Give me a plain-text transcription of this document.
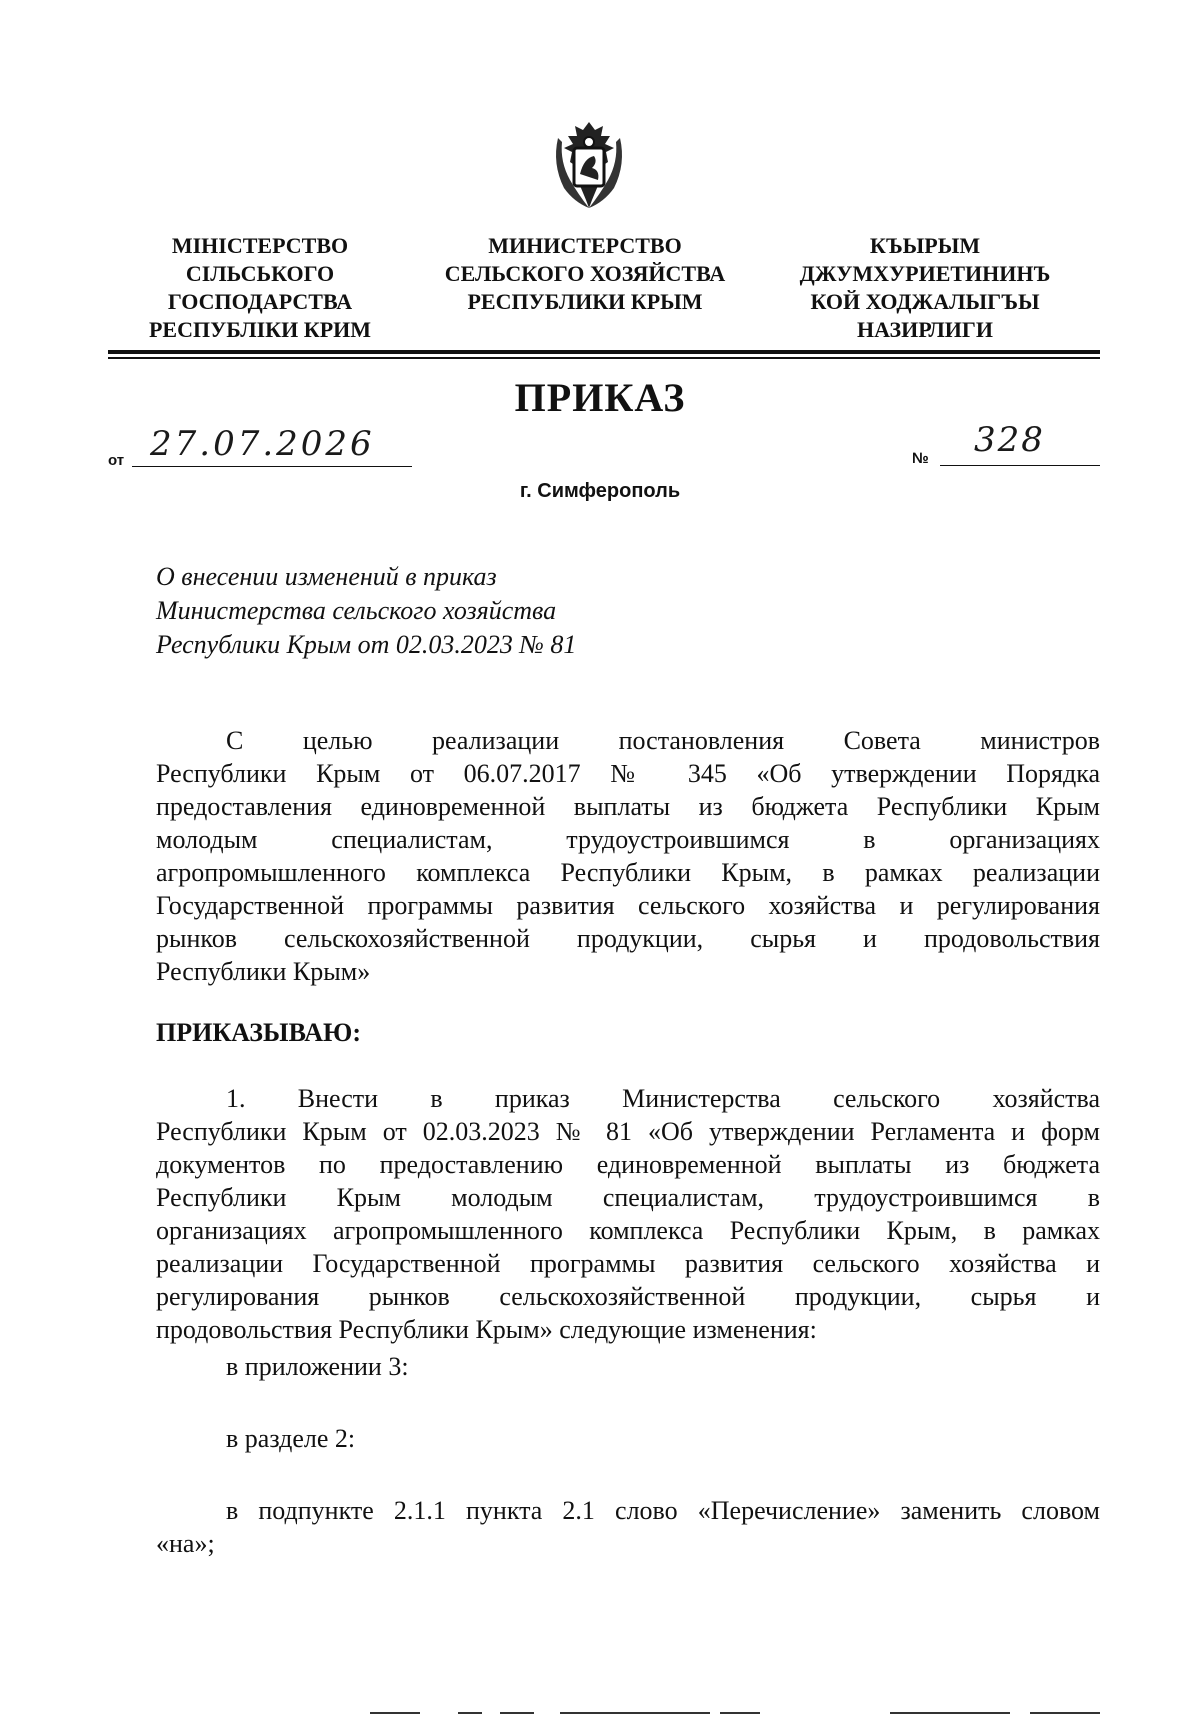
МІНІСТЕРСТВО
СІЛЬСЬКОГО
ГОСПОДАРСТВА
РЕСПУБЛІКИ КРИМ
МИНИСТЕРСТВО
СЕЛЬСКОГО ХОЗЯЙСТВА
РЕСПУБЛИКИ КРЫМ
КЪЫРЫМ
ДЖУМХУРИЕТИНИНЪ
КОЙ ХОДЖАЛЫГЪЫ
НАЗИРЛИГИ
ПРИКАЗ
от 27.07.2026	№ 328
г. Симферополь
О внесении изменений в приказ
Министерства сельского хозяйства
Республики Крым от 02.03.2023 № 81
С целью реализации постановления Совета министров
Республики Крым от 06.07.2017 № 345 «Об утверждении Порядка
предоставления единовременной выплаты из бюджета Республики Крым
молодым специалистам, трудоустроившимся в организациях
агропромышленного комплекса Республики Крым, в рамках реализации
Государственной программы развития сельского хозяйства и регулирования
рынков сельскохозяйственной продукции, сырья и продовольствия
Республики Крым»
ПРИКАЗЫВАЮ:
1. Внести в приказ Министерства сельского хозяйства
Республики Крым от 02.03.2023 № 81 «Об утверждении Регламента и форм
документов по предоставлению единовременной выплаты из бюджета
Республики Крым молодым специалистам, трудоустроившимся в
организациях агропромышленного комплекса Республики Крым, в рамках
реализации Государственной программы развития сельского хозяйства и
регулирования рынков сельскохозяйственной продукции, сырья и
продовольствия Республики Крым» следующие изменения:
в приложении 3:
в разделе 2:
в подпункте 2.1.1 пункта 2.1 слово «Перечисление» заменить словом
«на»;
